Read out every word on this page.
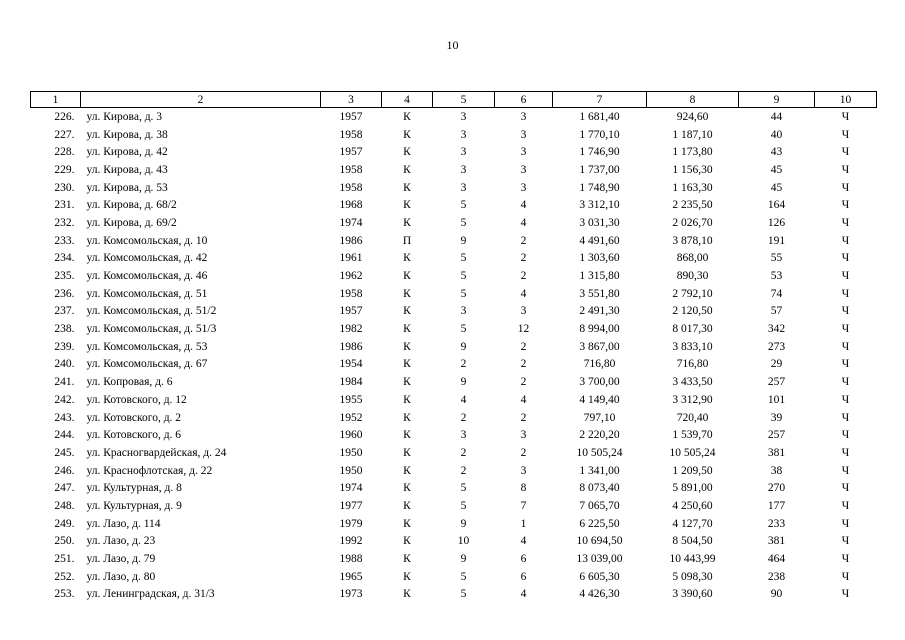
10
1	2	3	4	5	6	7	8	9	10
226.	ул. Кирова, д. 3	1957	К	3	3	1 681,40	924,60	44	Ч
227.	ул. Кирова, д. 38	1958	К	3	3	1 770,10	1 187,10	40	Ч
228.	ул. Кирова, д. 42	1957	К	3	3	1 746,90	1 173,80	43	Ч
229.	ул. Кирова, д. 43	1958	К	3	3	1 737,00	1 156,30	45	Ч
230.	ул. Кирова, д. 53	1958	К	3	3	1 748,90	1 163,30	45	Ч
231.	ул. Кирова, д. 68/2	1968	К	5	4	3 312,10	2 235,50	164	Ч
232.	ул. Кирова, д. 69/2	1974	К	5	4	3 031,30	2 026,70	126	Ч
233.	ул. Комсомольская, д. 10	1986	П	9	2	4 491,60	3 878,10	191	Ч
234.	ул. Комсомольская, д. 42	1961	К	5	2	1 303,60	868,00	55	Ч
235.	ул. Комсомольская, д. 46	1962	К	5	2	1 315,80	890,30	53	Ч
236.	ул. Комсомольская, д. 51	1958	К	5	4	3 551,80	2 792,10	74	Ч
237.	ул. Комсомольская, д. 51/2	1957	К	3	3	2 491,30	2 120,50	57	Ч
238.	ул. Комсомольская, д. 51/3	1982	К	5	12	8 994,00	8 017,30	342	Ч
239.	ул. Комсомольская, д. 53	1986	К	9	2	3 867,00	3 833,10	273	Ч
240.	ул. Комсомольская, д. 67	1954	К	2	2	716,80	716,80	29	Ч
241.	ул. Копровая, д. 6	1984	К	9	2	3 700,00	3 433,50	257	Ч
242.	ул. Котовского, д. 12	1955	К	4	4	4 149,40	3 312,90	101	Ч
243.	ул. Котовского, д. 2	1952	К	2	2	797,10	720,40	39	Ч
244.	ул. Котовского, д. 6	1960	К	3	3	2 220,20	1 539,70	257	Ч
245.	ул. Красногвардейская, д. 24	1950	К	2	2	10 505,24	10 505,24	381	Ч
246.	ул. Краснофлотская, д. 22	1950	К	2	3	1 341,00	1 209,50	38	Ч
247.	ул. Культурная, д. 8	1974	К	5	8	8 073,40	5 891,00	270	Ч
248.	ул. Культурная, д. 9	1977	К	5	7	7 065,70	4 250,60	177	Ч
249.	ул. Лазо, д. 114	1979	К	9	1	6 225,50	4 127,70	233	Ч
250.	ул. Лазо, д. 23	1992	К	10	4	10 694,50	8 504,50	381	Ч
251.	ул. Лазо, д. 79	1988	К	9	6	13 039,00	10 443,99	464	Ч
252.	ул. Лазо, д. 80	1965	К	5	6	6 605,30	5 098,30	238	Ч
253.	ул. Ленинградская, д. 31/3	1973	К	5	4	4 426,30	3 390,60	90	Ч
